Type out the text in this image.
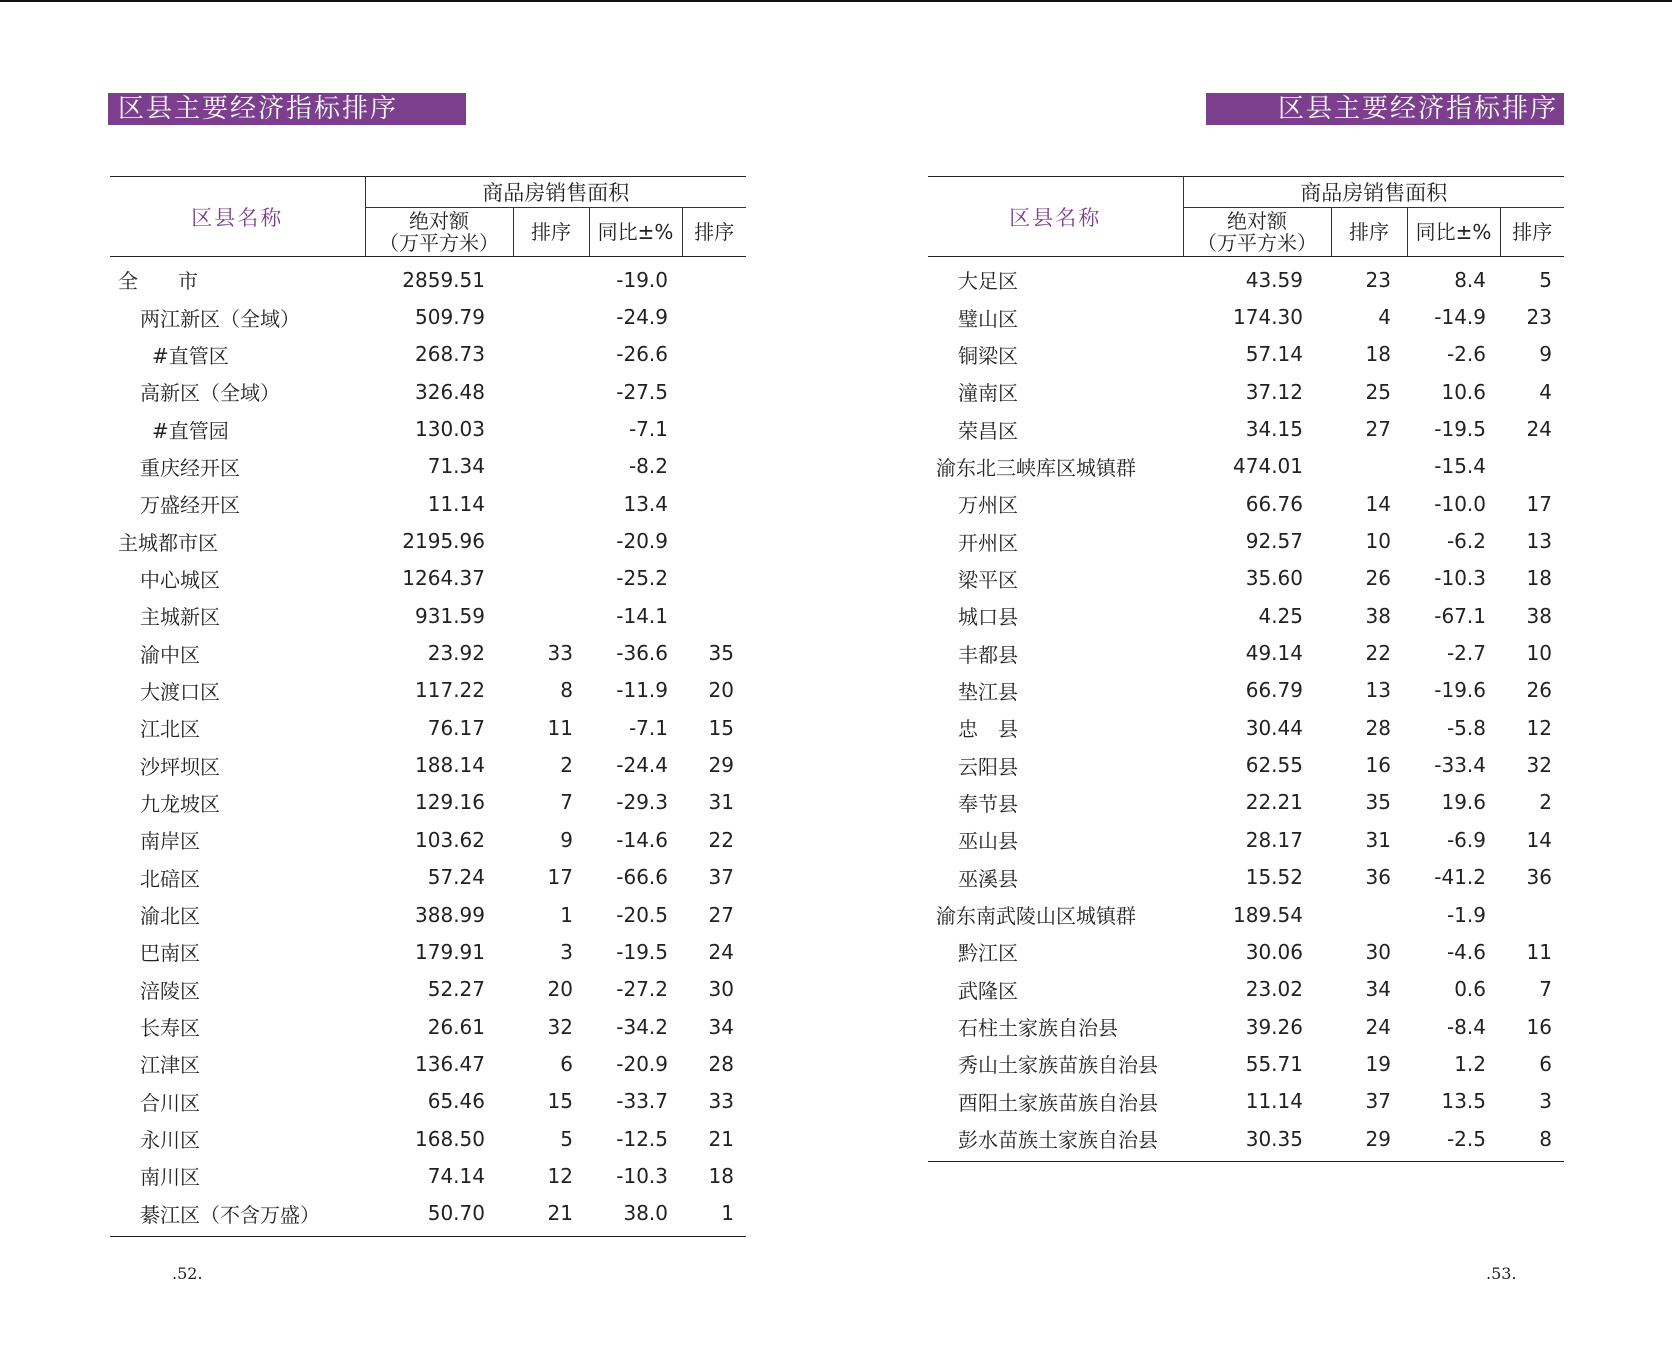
区县主要经济指标排序
区县名称	商品房销售面积			

	绝对额
（万平方米）	排序	同比±%	排序
全　　市	2859.51		-19.0	
两江新区（全域）	509.79		-24.9	
#直管区	268.73		-26.6	
高新区（全域）	326.48		-27.5	
#直管园	130.03		-7.1	
重庆经开区	71.34		-8.2	
万盛经开区	11.14		13.4	
主城都市区	2195.96		-20.9	
中心城区	1264.37		-25.2	
主城新区	931.59		-14.1	
渝中区	23.92	33	-36.6	35
大渡口区	117.22	8	-11.9	20
江北区	76.17	11	-7.1	15
沙坪坝区	188.14	2	-24.4	29
九龙坡区	129.16	7	-29.3	31
南岸区	103.62	9	-14.6	22
北碚区	57.24	17	-66.6	37
渝北区	388.99	1	-20.5	27
巴南区	179.91	3	-19.5	24
涪陵区	52.27	20	-27.2	30
长寿区	26.61	32	-34.2	34
江津区	136.47	6	-20.9	28
合川区	65.46	15	-33.7	33
永川区	168.50	5	-12.5	21
南川区	74.14	12	-10.3	18
綦江区（不含万盛）	50.70	21	38.0	1
.52.
区县主要经济指标排序
区县名称	商品房销售面积			

	绝对额
（万平方米）	排序	同比±%	排序
大足区	43.59	23	8.4	5
璧山区	174.30	4	-14.9	23
铜梁区	57.14	18	-2.6	9
潼南区	37.12	25	10.6	4
荣昌区	34.15	27	-19.5	24
渝东北三峡库区城镇群	474.01		-15.4	
万州区	66.76	14	-10.0	17
开州区	92.57	10	-6.2	13
梁平区	35.60	26	-10.3	18
城口县	4.25	38	-67.1	38
丰都县	49.14	22	-2.7	10
垫江县	66.79	13	-19.6	26
忠　县	30.44	28	-5.8	12
云阳县	62.55	16	-33.4	32
奉节县	22.21	35	19.6	2
巫山县	28.17	31	-6.9	14
巫溪县	15.52	36	-41.2	36
渝东南武陵山区城镇群	189.54		-1.9	
黔江区	30.06	30	-4.6	11
武隆区	23.02	34	0.6	7
石柱土家族自治县	39.26	24	-8.4	16
秀山土家族苗族自治县	55.71	19	1.2	6
酉阳土家族苗族自治县	11.14	37	13.5	3
彭水苗族土家族自治县	30.35	29	-2.5	8
.53.
